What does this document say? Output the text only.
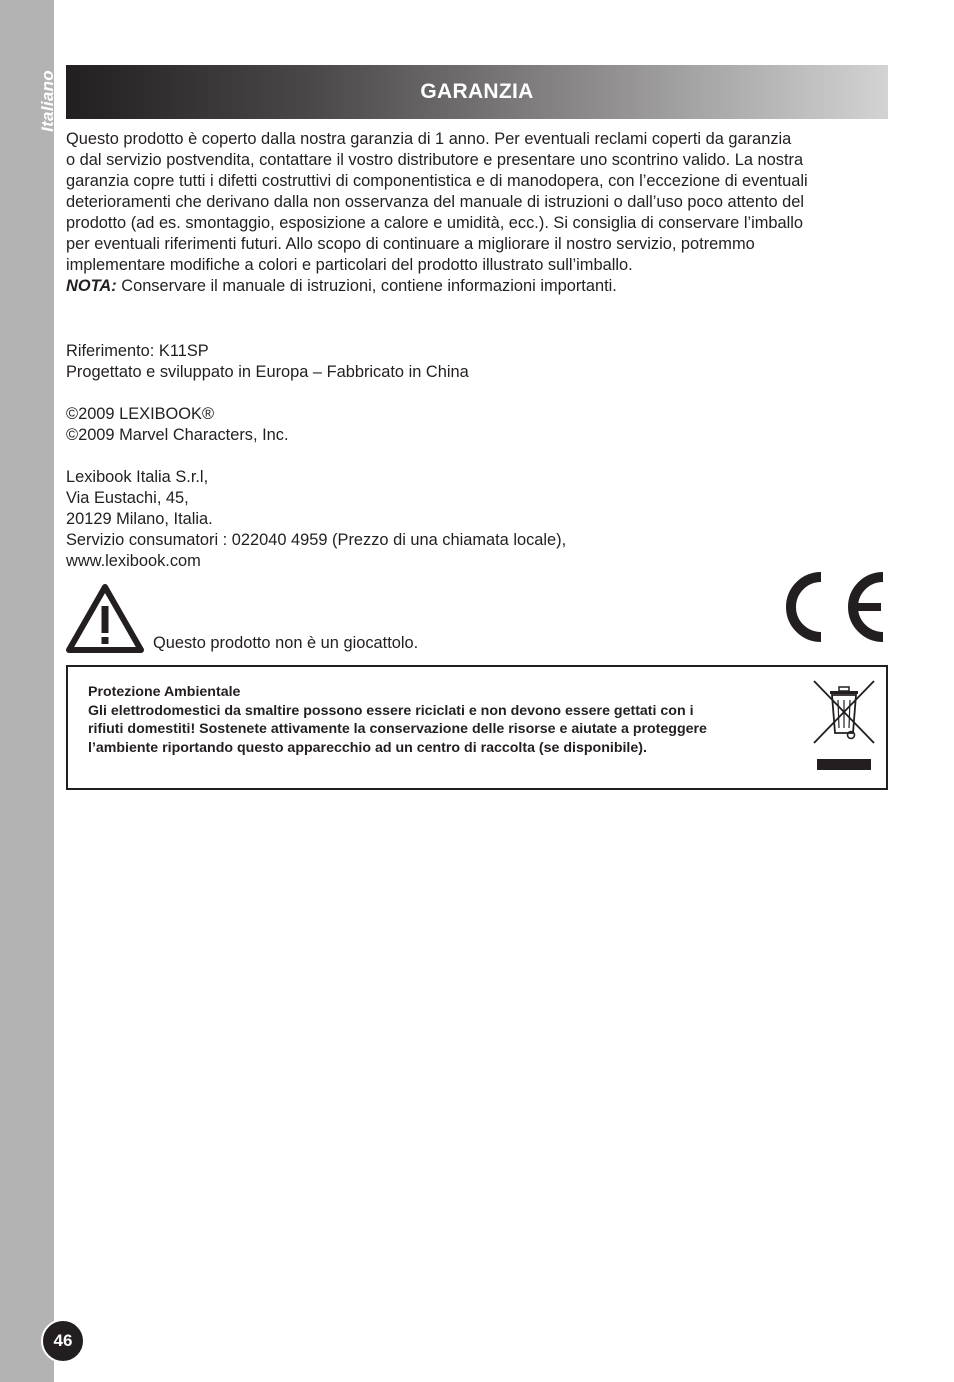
Italiano
46
GARANZIA

Questo prodotto è coperto dalla nostra garanzia di 1 anno. Per eventuali reclami coperti da garanzia

o dal servizio postvendita, contattare il vostro distributore e presentare uno scontrino valido. La nostra

garanzia copre tutti i difetti costruttivi di componentistica e di manodopera, con l’eccezione di eventuali

deterioramenti che derivano dalla non osservanza del manuale di istruzioni o dall’uso poco attento del

prodotto (ad es. smontaggio, esposizione a calore e umidità, ecc.). Si consiglia di conservare l’imballo

per eventuali riferimenti futuri. Allo scopo di continuare a migliorare il nostro servizio, potremmo

implementare modifiche a colori e particolari del prodotto illustrato sull’imballo.

NOTA: Conservare il manuale di istruzioni, contiene informazioni importanti.

Riferimento: K11SP
Progettato e sviluppato in Europa – Fabbricato in China
©2009 LEXIBOOK®
©2009 Marvel Characters, Inc.
Lexibook Italia S.r.l,
Via Eustachi, 45,
20129 Milano, Italia.
Servizio consumatori : 022040 4959 (Prezzo di una chiamata locale),
www.lexibook.com
Questo prodotto non è un giocattolo.
Protezione Ambientale
Gli elettrodomestici da smaltire possono essere riciclati e non devono essere gettati con i
rifiuti domestiti! Sostenete attivamente la conservazione delle risorse e aiutate a proteggere
l’ambiente riportando questo apparecchio ad un centro di raccolta (se disponibile).
